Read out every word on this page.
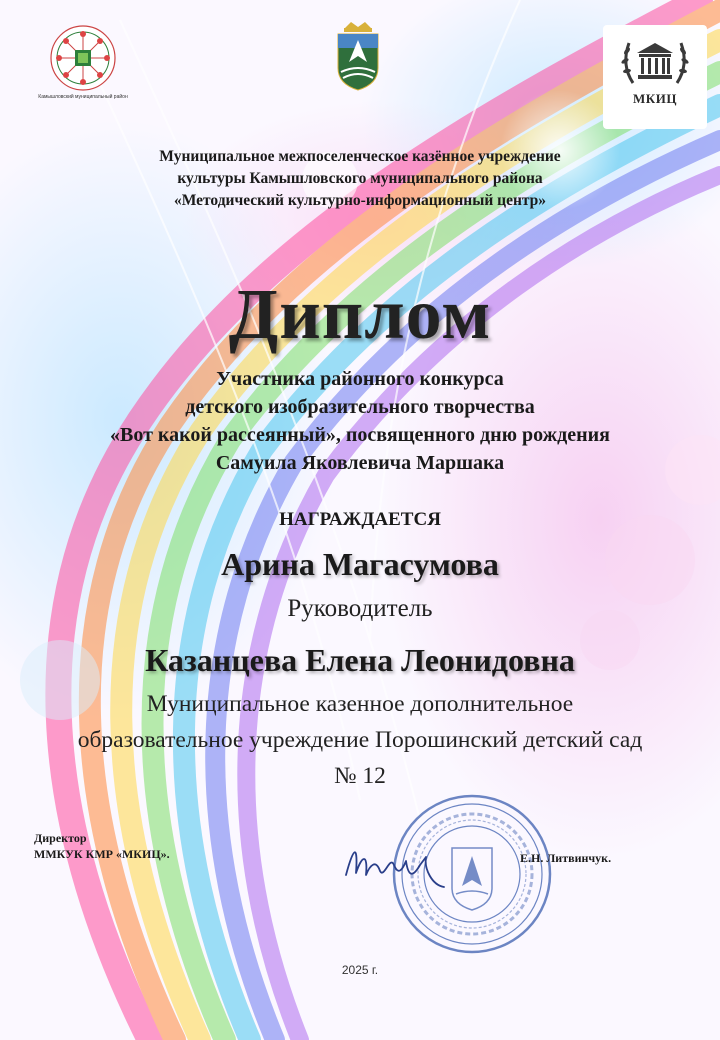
Камышловский муниципальный район	МКИЦ
Муниципальное межпоселенческое казённое учреждение
культуры Камышловского муниципального района
«Методический культурно-информационный центр»
Диплом
Участника районного конкурса
детского изобразительного творчества
«Вот какой рассеянный», посвященного дню рождения
Самуила Яковлевича Маршака
НАГРАЖДАЕТСЯ
Арина Магасумова
Руководитель
Казанцева Елена Леонидовна
Муниципальное казенное дополнительное
образовательное учреждение Порошинский детский сад
№ 12
Директор
ММКУК КМР «МКИЦ».	Е.Н. Литвинчук.
2025 г.
